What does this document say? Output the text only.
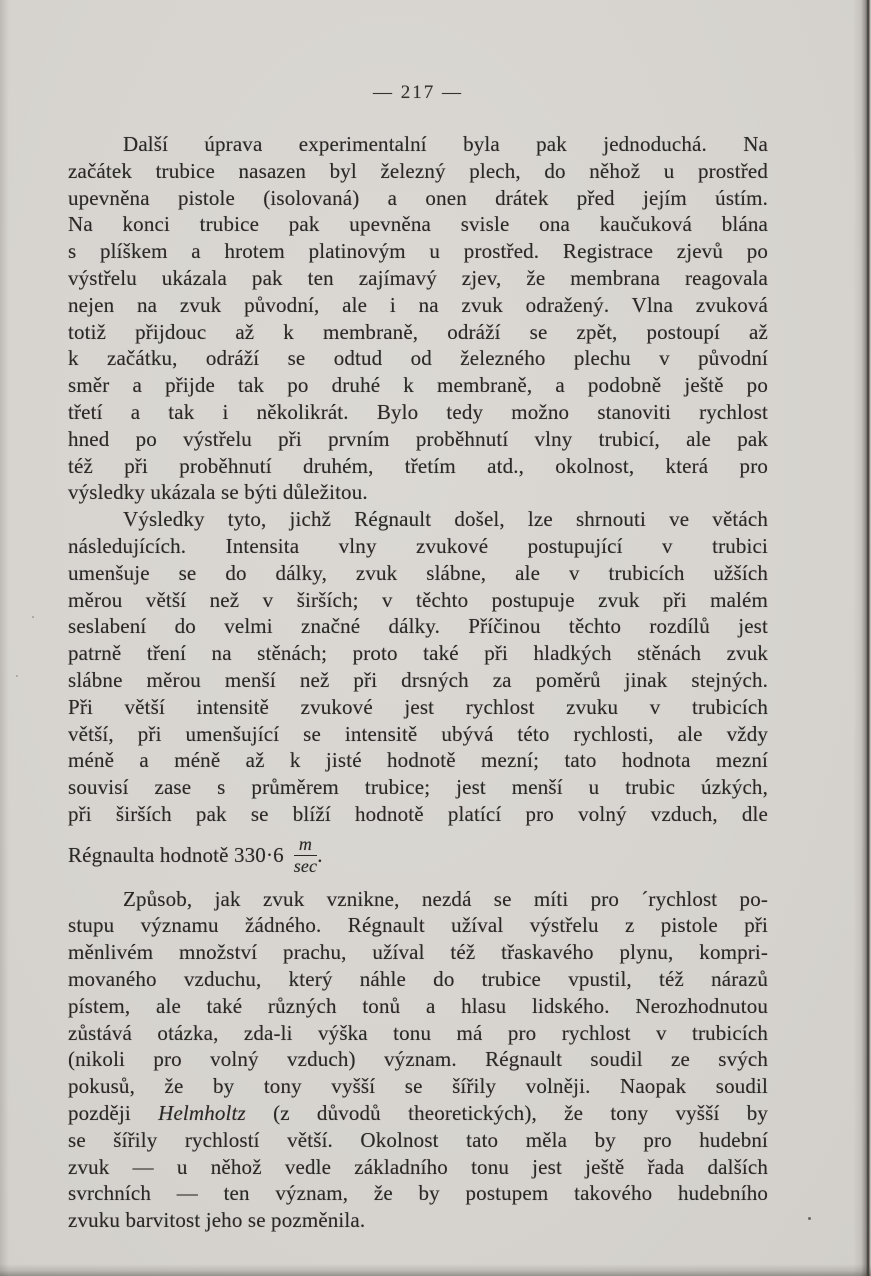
— 217 —
Další úprava experimentalní byla pak jednoduchá. Na
začátek trubice nasazen byl železný plech, do něhož u prostřed
upevněna pistole (isolovaná) a onen drátek před jejím ústím.
Na konci trubice pak upevněna svisle ona kaučuková blána
s plíškem a hrotem platinovým u prostřed. Registrace zjevů po
výstřelu ukázala pak ten zajímavý zjev, že membrana reagovala
nejen na zvuk původní, ale i na zvuk odražený. Vlna zvuková
totiž přijdouc až k membraně, odráží se zpět, postoupí až
k začátku, odráží se odtud od železného plechu v původní
směr a přijde tak po druhé k membraně, a podobně ještě po
třetí a tak i několikrát. Bylo tedy možno stanoviti rychlost
hned po výstřelu při prvním proběhnutí vlny trubicí, ale pak
též při proběhnutí druhém, třetím atd., okolnost, která pro
výsledky ukázala se býti důležitou.
Výsledky tyto, jichž Régnault došel, lze shrnouti ve větách
následujících. Intensita vlny zvukové postupující v trubici
umenšuje se do dálky, zvuk slábne, ale v trubicích užších
měrou větší než v širších; v těchto postupuje zvuk při malém
seslabení do velmi značné dálky. Příčinou těchto rozdílů jest
patrně tření na stěnách; proto také při hladkých stěnách zvuk
slábne měrou menší než při drsných za poměrů jinak stejných.
Při větší intensitě zvukové jest rychlost zvuku v trubicích
větší, při umenšující se intensitě ubývá této rychlosti, ale vždy
méně a méně až k jisté hodnotě mezní; tato hodnota mezní
souvisí zase s průměrem trubice; jest menší u trubic úzkých,
při širších pak se blíží hodnotě platící pro volný vzduch, dle
Régnaulta hodnotě $330\cdot 6 \frac{m}{\sec}$ .
Způsob, jak zvuk vznikne, nezdá se míti pro ´rychlost po-
stupu významu žádného. Régnault užíval výstřelu z pistole při
měnlivém množství prachu, užíval též třaskavého plynu, kompri-
movaného vzduchu, který náhle do trubice vpustil, též nárazů
pístem, ale také různých tonů a hlasu lidského. Nerozhodnutou
zůstává otázka, zda-li výška tonu má pro rychlost v trubicích
(nikoli pro volný vzduch) význam. Régnault soudil ze svých
pokusů, že by tony vyšší se šířily volněji. Naopak soudil
později Helmholtz (z důvodů theoretických), že tony vyšší by
se šířily rychlostí větší. Okolnost tato měla by pro hudební
zvuk — u něhož vedle základního tonu jest ještě řada dalších
svrchních — ten význam, že by postupem takového hudebního
zvuku barvitost jeho se pozměnila.
